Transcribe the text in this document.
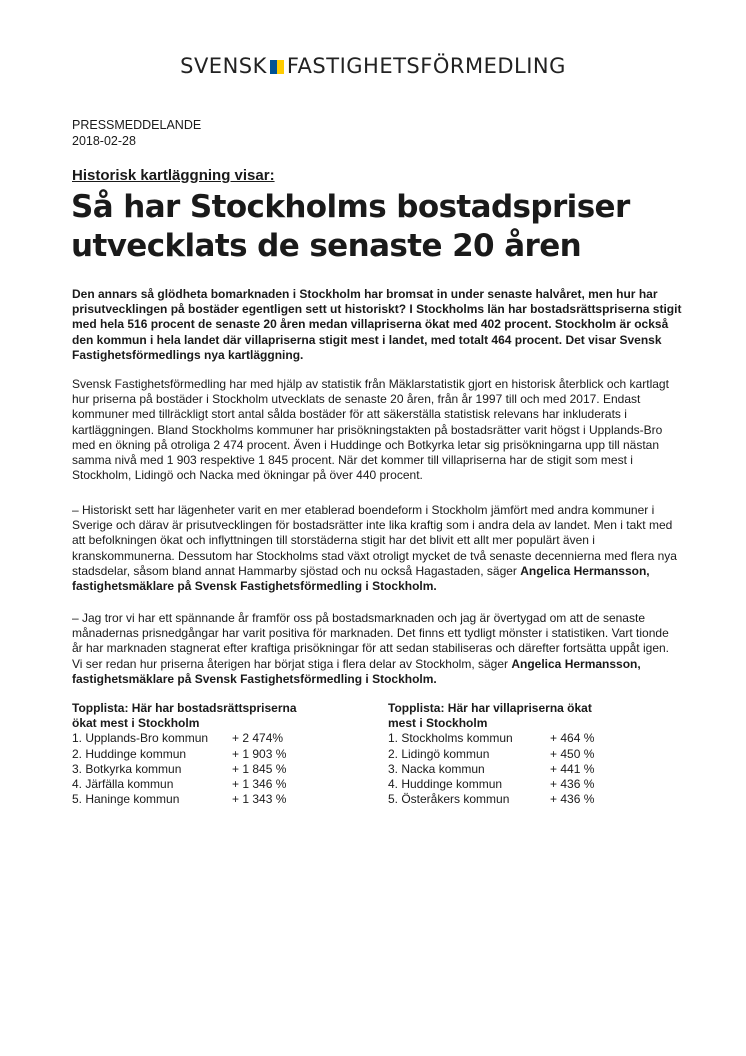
SVENSK FASTIGHETSFÖRMEDLING
PRESSMEDDELANDE
2018-02-28
Historisk kartläggning visar:
Så har Stockholms bostadspriser utvecklats de senaste 20 åren

Den annars så glödheta bomarknaden i Stockholm har bromsat in under senaste halvåret, men hur har prisutvecklingen på bostäder egentligen sett ut historiskt? I Stockholms län har bostadsrättspriserna stigit med hela 516 procent de senaste 20 åren medan villapriserna ökat med 402 procent. Stockholm är också den kommun i hela landet där villapriserna stigit mest i landet, med totalt 464 procent. Det visar Svensk Fastighetsförmedlings nya kartläggning.

Svensk Fastighetsförmedling har med hjälp av statistik från Mäklarstatistik gjort en historisk återblick och kartlagt hur priserna på bostäder i Stockholm utvecklats de senaste 20 åren, från år 1997 till och med 2017. Endast kommuner med tillräckligt stort antal sålda bostäder för att säkerställa statistisk relevans har inkluderats i kartläggningen. Bland Stockholms kommuner har prisökningstakten på bostadsrätter varit högst i Upplands-Bro med en ökning på otroliga 2 474 procent. Även i Huddinge och Botkyrka letar sig prisökningarna upp till nästan samma nivå med 1 903 respektive 1 845 procent. När det kommer till villapriserna har de stigit som mest i Stockholm, Lidingö och Nacka med ökningar på över 440 procent.

– Historiskt sett har lägenheter varit en mer etablerad boendeform i Stockholm jämfört med andra kommuner i Sverige och därav är prisutvecklingen för bostadsrätter inte lika kraftig som i andra dela av landet. Men i takt med att befolkningen ökat och inflyttningen till storstäderna stigit har det blivit ett allt mer populärt även i kranskommunerna. Dessutom har Stockholms stad växt otroligt mycket de två senaste decennierna med flera nya stadsdelar, såsom bland annat Hammarby sjöstad och nu också Hagastaden, säger Angelica Hermansson, fastighetsmäklare på Svensk Fastighetsförmedling i Stockholm.

– Jag tror vi har ett spännande år framför oss på bostadsmarknaden och jag är övertygad om att de senaste månadernas prisnedgångar har varit positiva för marknaden. Det finns ett tydligt mönster i statistiken. Vart tionde år har marknaden stagnerat efter kraftiga prisökningar för att sedan stabiliseras och därefter fortsätta uppåt igen. Vi ser redan hur priserna återigen har börjat stiga i flera delar av Stockholm, säger Angelica Hermansson, fastighetsmäklare på Svensk Fastighetsförmedling i Stockholm.

Topplista: Här har bostadsrättspriserna ökat mest i Stockholm
1. Upplands-Bro kommun	+ 2 474%
2. Huddinge kommun	+ 1 903 %
3. Botkyrka kommun	+ 1 845 %
4. Järfälla kommun	+ 1 346 %
5. Haninge kommun	+ 1 343 %
Topplista: Här har villapriserna ökat mest i Stockholm
1. Stockholms kommun	+ 464 %
2. Lidingö kommun	+ 450 %
3. Nacka kommun	+ 441 %
4. Huddinge kommun	+ 436 %
5. Österåkers kommun	+ 436 %
